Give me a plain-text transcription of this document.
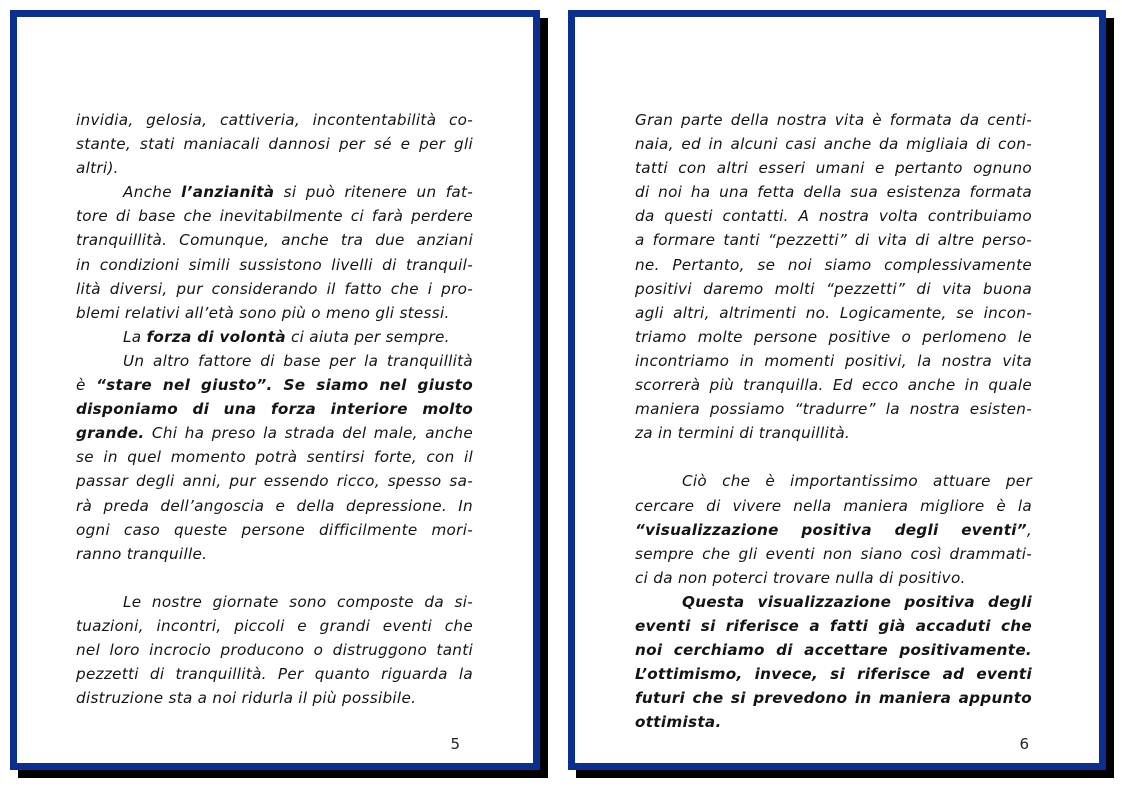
invidia, gelosia, cattiveria, incontentabilità co-
stante, stati maniacali dannosi per sé e per gli
altri).
Anche l’anzianità si può ritenere un fat-
tore di base che inevitabilmente ci farà perdere
tranquillità. Comunque, anche tra due anziani
in condizioni simili sussistono livelli di tranquil-
lità diversi, pur considerando il fatto che i pro-
blemi relativi all’età sono più o meno gli stessi.
La forza di volontà ci aiuta per sempre.
Un altro fattore di base per la tranquillità
è “stare nel giusto”. Se siamo nel giusto
disponiamo di una forza interiore molto
grande. Chi ha preso la strada del male, anche
se in quel momento potrà sentirsi forte, con il
passar degli anni, pur essendo ricco, spesso sa-
rà preda dell’angoscia e della depressione. In
ogni caso queste persone difficilmente mori-
ranno tranquille.
Le nostre giornate sono composte da si-
tuazioni, incontri, piccoli e grandi eventi che
nel loro incrocio producono o distruggono tanti
pezzetti di tranquillità. Per quanto riguarda la
distruzione sta a noi ridurla il più possibile.
5
Gran parte della nostra vita è formata da centi-
naia, ed in alcuni casi anche da migliaia di con-
tatti con altri esseri umani e pertanto ognuno
di noi ha una fetta della sua esistenza formata
da questi contatti. A nostra volta contribuiamo
a formare tanti “pezzetti” di vita di altre perso-
ne. Pertanto, se noi siamo complessivamente
positivi daremo molti “pezzetti” di vita buona
agli altri, altrimenti no. Logicamente, se incon-
triamo molte persone positive o perlomeno le
incontriamo in momenti positivi, la nostra vita
scorrerà più tranquilla. Ed ecco anche in quale
maniera possiamo “tradurre” la nostra esisten-
za in termini di tranquillità.
Ciò che è importantissimo attuare per
cercare di vivere nella maniera migliore è la
“visualizzazione positiva degli eventi”,
sempre che gli eventi non siano così drammati-
ci da non poterci trovare nulla di positivo.
Questa visualizzazione positiva degli
eventi si riferisce a fatti già accaduti che
noi cerchiamo di accettare positivamente.
L’ottimismo, invece, si riferisce ad eventi
futuri che si prevedono in maniera appunto
ottimista.
6
